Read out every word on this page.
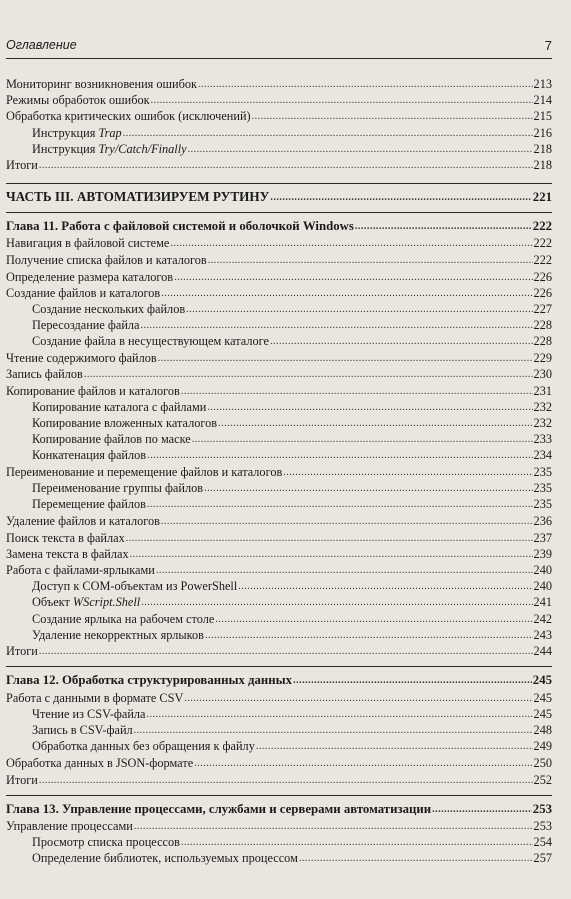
Оглавление	7
Мониторинг возникновения ошибок .....	213
Режимы обработок ошибок .....	214
Обработка критических ошибок (исключений) .....	215
Инструкция Trap .....	216
Инструкция Try/Catch/Finally .....	218
Итоги .....	218
ЧАСТЬ III. АВТОМАТИЗИРУЕМ РУТИНУ .....	221
Глава 11. Работа с файловой системой и оболочкой Windows .....	222
Навигация в файловой системе .....	222
Получение списка файлов и каталогов .....	222
Определение размера каталогов .....	226
Создание файлов и каталогов .....	226
Создание нескольких файлов .....	227
Пересоздание файла .....	228
Создание файла в несуществующем каталоге .....	228
Чтение содержимого файлов .....	229
Запись файлов .....	230
Копирование файлов и каталогов .....	231
Копирование каталога с файлами .....	232
Копирование вложенных каталогов .....	232
Копирование файлов по маске .....	233
Конкатенация файлов .....	234
Переименование и перемещение файлов и каталогов .....	235
Переименование группы файлов .....	235
Перемещение файлов .....	235
Удаление файлов и каталогов .....	236
Поиск текста в файлах .....	237
Замена текста в файлах .....	239
Работа с файлами-ярлыками .....	240
Доступ к COM-объектам из PowerShell .....	240
Объект WScript.Shell .....	241
Создание ярлыка на рабочем столе .....	242
Удаление некорректных ярлыков .....	243
Итоги .....	244
Глава 12. Обработка структурированных данных .....	245
Работа с данными в формате CSV .....	245
Чтение из CSV-файла .....	245
Запись в CSV-файл .....	248
Обработка данных без обращения к файлу .....	249
Обработка данных в JSON-формате .....	250
Итоги .....	252
Глава 13. Управление процессами, службами и серверами автоматизации .....	253
Управление процессами .....	253
Просмотр списка процессов .....	254
Определение библиотек, используемых процессом .....	257
